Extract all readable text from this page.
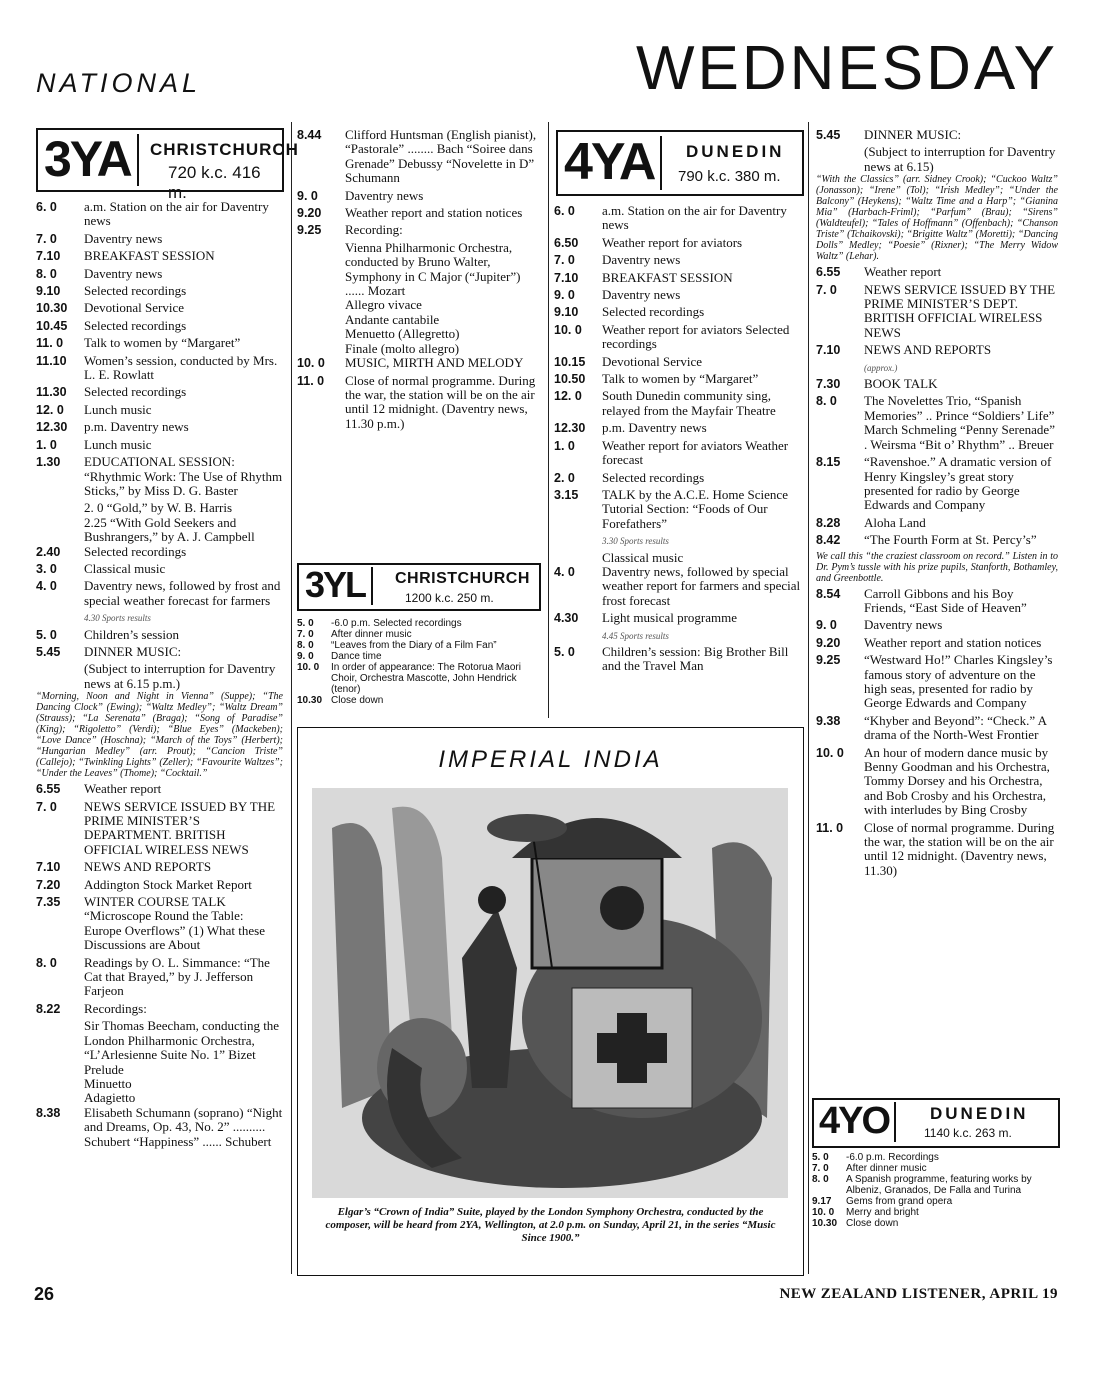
NATIONAL	WEDNESDAY
3YA	CHRISTCHURCH
720 k.c. 416 m.
6. 0	a.m. Station on the air for Daventry news
7. 0	Daventry news
7.10	BREAKFAST SESSION
8. 0	Daventry news
9.10	Selected recordings
10.30	Devotional Service
10.45	Selected recordings
11. 0	Talk to women by “Margaret”
11.10	Women’s session, conducted by Mrs. L. E. Rowlatt
11.30	Selected recordings
12. 0	Lunch music
12.30	p.m. Daventry news
1. 0	Lunch music
1.30	EDUCATIONAL SESSION: “Rhythmic Work: The Use of Rhythm Sticks,” by Miss D. G. Baster
2. 0 “Gold,” by W. B. Harris
2.25 “With Gold Seekers and Bushrangers,” by A. J. Campbell
2.40	Selected recordings
3. 0	Classical music
4. 0	Daventry news, followed by frost and special weather forecast for farmers
4.30 Sports results
5. 0	Children’s session
5.45	DINNER MUSIC:
(Subject to interruption for Daventry news at 6.15 p.m.)
“Morning, Noon and Night in Vienna” (Suppe); “The Dancing Clock” (Ewing); “Waltz Medley”; “Waltz Dream” (Strauss); “La Serenata” (Braga); “Song of Paradise” (King); “Rigoletto” (Verdi); “Blue Eyes” (Mackeben); “Love Dance” (Hoschna); “March of the Toys” (Herbert); “Hungarian Medley” (arr. Prout); “Cancion Triste” (Callejo); “Twinkling Lights” (Zeller); “Favourite Waltzes”; “Under the Leaves” (Thome); “Cocktail.”
6.55	Weather report
7. 0	NEWS SERVICE ISSUED BY THE PRIME MINISTER’S DEPARTMENT. BRITISH OFFICIAL WIRELESS NEWS
7.10	NEWS AND REPORTS
7.20	Addington Stock Market Report
7.35	WINTER COURSE TALK “Microscope Round the Table: Europe Overflows” (1) What these Discussions are About
8. 0	Readings by O. L. Simmance: “The Cat that Brayed,” by J. Jefferson Farjeon
8.22	Recordings:
Sir Thomas Beecham, conducting the London Philharmonic Orchestra,
“L’Arlesienne Suite No. 1” Bizet
Prelude
Minuetto
Adagietto
8.38	Elisabeth Schumann (soprano) “Night and Dreams, Op. 43, No. 2” .......... Schubert “Happiness” ...... Schubert
8.44	Clifford Huntsman (English pianist), “Pastorale” ........ Bach “Soiree dans Grenade” Debussy “Novelette in D” Schumann
9. 0	Daventry news
9.20	Weather report and station notices
9.25	Recording:
Vienna Philharmonic Orchestra, conducted by Bruno Walter,
Symphony in C Major (“Jupiter”) ...... Mozart
Allegro vivace
Andante cantabile
Menuetto (Allegretto)
Finale (molto allegro)
10. 0	MUSIC, MIRTH AND MELODY
11. 0	Close of normal programme. During the war, the station will be on the air until 12 midnight. (Daventry news, 11.30 p.m.)
3YL	CHRISTCHURCH
1200 k.c. 250 m.
5. 0	-6.0 p.m. Selected recordings
7. 0	After dinner music
8. 0	“Leaves from the Diary of a Film Fan”
9. 0	Dance time
10. 0	In order of appearance: The Rotorua Maori Choir, Orchestra Mascotte, John Hendrick (tenor)
10.30 Close down
4YA	DUNEDIN
790 k.c. 380 m.
6. 0	a.m. Station on the air for Daventry news
6.50	Weather report for aviators
7. 0	Daventry news
7.10	BREAKFAST SESSION
9. 0	Daventry news
9.10	Selected recordings
10. 0	Weather report for aviators Selected recordings
10.15	Devotional Service
10.50	Talk to women by “Margaret”
12. 0	South Dunedin community sing, relayed from the Mayfair Theatre
12.30	p.m. Daventry news
1. 0	Weather report for aviators Weather forecast
2. 0	Selected recordings
3.15	TALK by the A.C.E. Home Science Tutorial Section: “Foods of Our Forefathers”
3.30 Sports results
Classical music
4. 0	Daventry news, followed by special weather report for farmers and special frost forecast
4.30	Light musical programme
4.45 Sports results
5. 0	Children’s session: Big Brother Bill and the Travel Man
IMPERIAL INDIA
Elgar’s “Crown of India” Suite, played by the London Symphony Orchestra, conducted by the composer, will be heard from 2YA, Wellington, at 2.0 p.m. on Sunday, April 21, in the series “Music Since 1900.”
5.45	DINNER MUSIC:
(Subject to interruption for Daventry news at 6.15)
“With the Classics” (arr. Sidney Crook); “Cuckoo Waltz” (Jonasson); “Irene” (Tol); “Irish Medley”; “Under the Balcony” (Heykens); “Waltz Time and a Harp”; “Gianina Mia” (Harbach-Friml); “Parfum” (Brau); “Sirens” (Waldteufel); “Tales of Hoffmann” (Offenbach); “Chanson Triste” (Tchaikovski); “Brigitte Waltz” (Moretti); “Dancing Dolls” Medley; “Poesie” (Rixner); “The Merry Widow Waltz” (Lehar).
6.55	Weather report
7. 0	NEWS SERVICE ISSUED BY THE PRIME MINISTER’S DEPT. BRITISH OFFICIAL WIRELESS NEWS
7.10	NEWS AND REPORTS
(approx.)
7.30	BOOK TALK
8. 0	The Novelettes Trio, “Spanish Memories” .. Prince “Soldiers’ Life” March Schmeling “Penny Serenade” . Weirsma “Bit o’ Rhythm” .. Breuer
8.15	“Ravenshoe.” A dramatic version of Henry Kingsley’s great story presented for radio by George Edwards and Company
8.28	Aloha Land
8.42	“The Fourth Form at St. Percy’s”
We call this “the craziest classroom on record.” Listen in to Dr. Pym’s tussle with his prize pupils, Stanforth, Bothamley, and Greenbottle.
8.54	Carroll Gibbons and his Boy Friends, “East Side of Heaven”
9. 0	Daventry news
9.20	Weather report and station notices
9.25	“Westward Ho!” Charles Kingsley’s famous story of adventure on the high seas, presented for radio by George Edwards and Company
9.38	“Khyber and Beyond”: “Check.” A drama of the North-West Frontier
10. 0	An hour of modern dance music by Benny Goodman and his Orchestra, Tommy Dorsey and his Orchestra, and Bob Crosby and his Orchestra, with interludes by Bing Crosby
11. 0	Close of normal programme. During the war, the station will be on the air until 12 midnight. (Daventry news, 11.30)
4YO	DUNEDIN
1140 k.c. 263 m.
5. 0	-6.0 p.m. Recordings
7. 0	After dinner music
8. 0	A Spanish programme, featuring works by Albeniz, Granados, De Falla and Turina
9.17	Gems from grand opera
10. 0	Merry and bright
10.30 Close down
26	NEW ZEALAND LISTENER, APRIL 19
